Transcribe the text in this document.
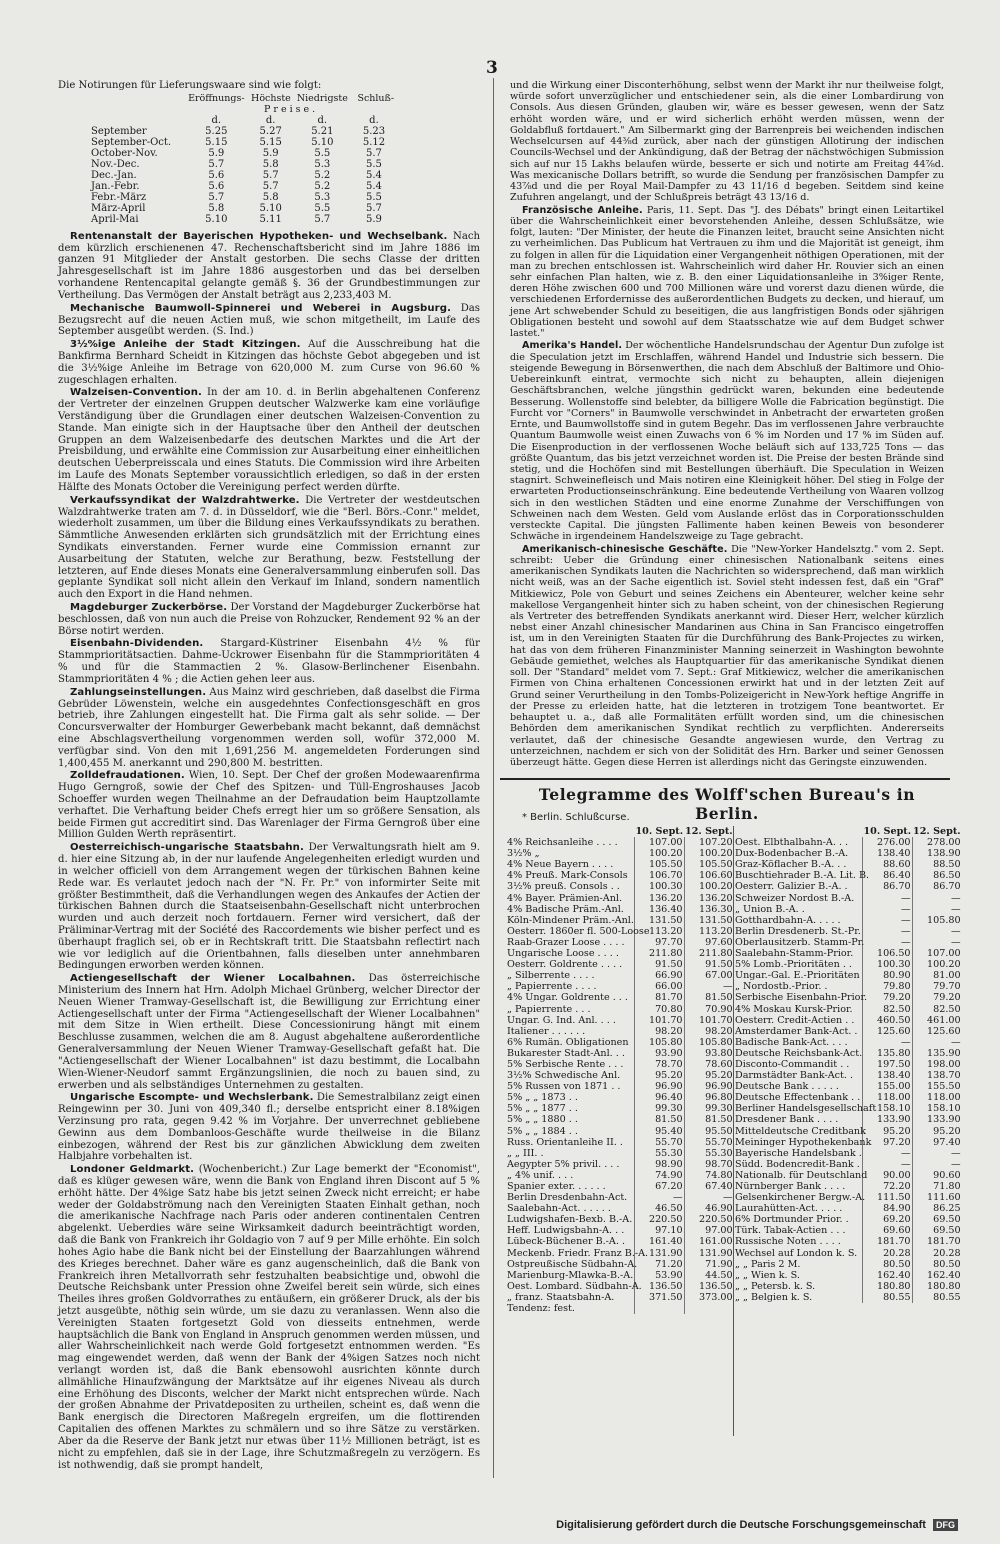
3
Die Notirungen für Lieferungswaare sind wie folgt:
	Eröffnungs-	Höchste	Niedrigste	Schluß-
	Preise.			
	d.	d.	d.	d.
September	5.25	5.27	5.21	5.23
September-Oct.	5.15	5.15	5.10	5.12
October-Nov.	5.9	5.9	5.5	5.7
Nov.-Dec.	5.7	5.8	5.3	5.5
Dec.-Jan.	5.6	5.7	5.2	5.4
Jan.-Febr.	5.6	5.7	5.2	5.4
Febr.-März	5.7	5.8	5.3	5.5
März-April	5.8	5.10	5.5	5.7
April-Mai	5.10	5.11	5.7	5.9

Rentenanstalt der Bayerischen Hypotheken- und Wechselbank. Nach dem kürzlich erschienenen 47. Rechenschaftsbericht sind im Jahre 1886 im ganzen 91 Mitglieder der Anstalt gestorben. Die sechs Classe der dritten Jahresgesellschaft ist im Jahre 1886 ausgestorben und das bei derselben vorhandene Rentencapital gelangte gemäß §. 36 der Grundbestimmungen zur Vertheilung. Das Vermögen der Anstalt beträgt aus 2,233,403 M.

Mechanische Baumwoll-Spinnerei und Weberei in Augsburg. Das Bezugsrecht auf die neuen Actien muß, wie schon mitgetheilt, im Laufe des September ausgeübt werden. (S. Ind.)

3½%ige Anleihe der Stadt Kitzingen. Auf die Ausschreibung hat die Bankfirma Bernhard Scheidt in Kitzingen das höchste Gebot abgegeben und ist die 3½%ige Anleihe im Betrage von 620,000 M. zum Curse von 96.60 % zugeschlagen erhalten.

Walzeisen-Convention. In der am 10. d. in Berlin abgehaltenen Conferenz der Vertreter der einzelnen Gruppen deutscher Walzwerke kam eine vorläufige Verständigung über die Grundlagen einer deutschen Walzeisen-Convention zu Stande. Man einigte sich in der Hauptsache über den Antheil der deutschen Gruppen an dem Walzeisenbedarfe des deutschen Marktes und die Art der Preisbildung, und erwählte eine Commission zur Ausarbeitung einer einheitlichen deutschen Ueberpreisscala und eines Statuts. Die Commission wird ihre Arbeiten im Laufe des Monats September voraussichtlich erledigen, so daß in der ersten Hälfte des Monats October die Vereinigung perfect werden dürfte.

Verkaufssyndikat der Walzdrahtwerke. Die Vertreter der westdeutschen Walzdrahtwerke traten am 7. d. in Düsseldorf, wie die "Berl. Börs.-Conr." meldet, wiederholt zusammen, um über die Bildung eines Verkaufssyndikats zu berathen. Sämmtliche Anwesenden erklärten sich grundsätzlich mit der Errichtung eines Syndikats einverstanden. Ferner wurde eine Commission ernannt zur Ausarbeitung der Statuten, welche zur Berathung, bezw. Feststellung der letzteren, auf Ende dieses Monats eine Generalversammlung einberufen soll. Das geplante Syndikat soll nicht allein den Verkauf im Inland, sondern namentlich auch den Export in die Hand nehmen.

Magdeburger Zuckerbörse. Der Vorstand der Magdeburger Zuckerbörse hat beschlossen, daß von nun auch die Preise von Rohzucker, Rendement 92 % an der Börse notirt werden.

Eisenbahn-Dividenden. Stargard-Küstriner Eisenbahn 4½ % für Stammprioritätsactien. Dahme-Uckrower Eisenbahn für die Stammprioritäten 4 % und für die Stammactien 2 %. Glasow-Berlinchener Eisenbahn. Stammprioritäten 4 % ; die Actien gehen leer aus.

Zahlungseinstellungen. Aus Mainz wird geschrieben, daß daselbst die Firma Gebrüder Löwenstein, welche ein ausgedehntes Confectionsgeschäft en gros betrieb, ihre Zahlungen eingestellt hat. Die Firma galt als sehr solide. — Der Concursverwalter der Homburger Gewerbebank macht bekannt, daß demnächst eine Abschlagsvertheilung vorgenommen werden soll, wofür 372,000 M. verfügbar sind. Von den mit 1,691,256 M. angemeldeten Forderungen sind 1,400,455 M. anerkannt und 290,800 M. bestritten.

Zolldefraudationen. Wien, 10. Sept. Der Chef der großen Modewaarenfirma Hugo Gerngroß, sowie der Chef des Spitzen- und Tüll-Engroshauses Jacob Schoeffer wurden wegen Theilnahme an der Defraudation beim Hauptzollamte verhaftet. Die Verhaftung beider Chefs erregt hier um so größere Sensation, als beide Firmen gut accreditirt sind. Das Warenlager der Firma Gerngroß über eine Million Gulden Werth repräsentirt.

Oesterreichisch-ungarische Staatsbahn. Der Verwaltungsrath hielt am 9. d. hier eine Sitzung ab, in der nur laufende Angelegenheiten erledigt wurden und in welcher officiell von dem Arrangement wegen der türkischen Bahnen keine Rede war. Es verlautet jedoch nach der "N. Fr. Pr." von informirter Seite mit größter Bestimmtheit, daß die Verhandlungen wegen des Ankaufes der Actien der türkischen Bahnen durch die Staatseisenbahn-Gesellschaft nicht unterbrochen wurden und auch derzeit noch fortdauern. Ferner wird versichert, daß der Präliminar-Vertrag mit der Société des Raccordements wie bisher perfect und es überhaupt fraglich sei, ob er in Rechtskraft tritt. Die Staatsbahn reflectirt nach wie vor lediglich auf die Orientbahnen, falls dieselben unter annehmbaren Bedingungen erworben werden können.

Actiengesellschaft der Wiener Localbahnen. Das österreichische Ministerium des Innern hat Hrn. Adolph Michael Grünberg, welcher Director der Neuen Wiener Tramway-Gesellschaft ist, die Bewilligung zur Errichtung einer Actiengesellschaft unter der Firma "Actiengesellschaft der Wiener Localbahnen" mit dem Sitze in Wien ertheilt. Diese Concessionirung hängt mit einem Beschlusse zusammen, welchen die am 8. August abgehaltene außerordentliche Generalversammlung der Neuen Wiener Tramway-Gesellschaft gefaßt hat. Die "Actiengesellschaft der Wiener Localbahnen" ist dazu bestimmt, die Localbahn Wien-Wiener-Neudorf sammt Ergänzungslinien, die noch zu bauen sind, zu erwerben und als selbständiges Unternehmen zu gestalten.

Ungarische Escompte- und Wechslerbank. Die Semestralbilanz zeigt einen Reingewinn per 30. Juni von 409,340 fl.; derselbe entspricht einer 8.18%igen Verzinsung pro rata, gegen 9.42 % im Vorjahre. Der unverrechnet gebliebene Gewinn aus dem Dombanloos-Geschäfte wurde theilweise in die Bilanz einbezogen, während der Rest bis zur gänzlichen Abwicklung dem zweiten Halbjahre vorbehalten ist.

Londoner Geldmarkt. (Wochenbericht.) Zur Lage bemerkt der "Economist", daß es klüger gewesen wäre, wenn die Bank von England ihren Discont auf 5 % erhöht hätte. Der 4%ige Satz habe bis jetzt seinen Zweck nicht erreicht; er habe weder der Goldabströmung nach den Vereinigten Staaten Einhalt gethan, noch die amerikanische Nachfrage nach Paris oder anderen continentalen Centren abgelenkt. Ueberdies wäre seine Wirksamkeit dadurch beeinträchtigt worden, daß die Bank von Frankreich ihr Goldagio von 7 auf 9 per Mille erhöhte. Ein solch hohes Agio habe die Bank nicht bei der Einstellung der Baarzahlungen während des Krieges berechnet. Daher wäre es ganz augenscheinlich, daß die Bank von Frankreich ihren Metallvorrath sehr festzuhalten beabsichtige und, obwohl die Deutsche Reichsbank unter Pression ohne Zweifel bereit sein würde, sich eines Theiles ihres großen Goldvorrathes zu entäußern, ein größerer Druck, als der bis jetzt ausgeübte, nöthig sein würde, um sie dazu zu veranlassen. Wenn also die Vereinigten Staaten fortgesetzt Gold von diesseits entnehmen, werde hauptsächlich die Bank von England in Anspruch genommen werden müssen, und aller Wahrscheinlichkeit nach werde Gold fortgesetzt entnommen werden. "Es mag eingewendet werden, daß wenn der Bank der 4%igen Satzes noch nicht verlangt worden ist, daß die Bank ebensowohl ausrichten könnte durch allmähliche Hinaufzwängung der Marktsätze auf ihr eigenes Niveau als durch eine Erhöhung des Disconts, welcher der Markt nicht entsprechen würde. Nach der großen Abnahme der Privatdepositen zu urtheilen, scheint es, daß wenn die Bank energisch die Directoren Maßregeln ergreifen, um die flottirenden Capitalien des offenen Marktes zu schmälern und so ihre Sätze zu verstärken. Aber da die Reserve der Bank jetzt nur etwas über 11½ Millionen beträgt, ist es nicht zu empfehlen, daß sie in der Lage, ihre Schutzmaßregeln zu verzögern. Es ist nothwendig, daß sie prompt handelt,

und die Wirkung einer Disconterhöhung, selbst wenn der Markt ihr nur theilweise folgt, würde sofort unverzüglicher und entschiedener sein, als die einer Lombardirung von Consols. Aus diesen Gründen, glauben wir, wäre es besser gewesen, wenn der Satz erhöht worden wäre, und er wird sicherlich erhöht werden müssen, wenn der Goldabfluß fortdauert." Am Silbermarkt ging der Barrenpreis bei weichenden indischen Wechselcursen auf 44⅜d zurück, aber nach der günstigen Allotirung der indischen Councils-Wechsel und der Ankündigung, daß der Betrag der nächstwöchigen Submission sich auf nur 15 Lakhs belaufen würde, besserte er sich und notirte am Freitag 44⅞d. Was mexicanische Dollars betrifft, so wurde die Sendung per französischen Dampfer zu 43⅞d und die per Royal Mail-Dampfer zu 43 11/16 d begeben. Seitdem sind keine Zufuhren angelangt, und der Schlußpreis beträgt 43 13/16 d.

Französische Anleihe. Paris, 11. Sept. Das "J. des Débats" bringt einen Leitartikel über die Wahrscheinlichkeit einer bevorstehenden Anleihe, dessen Schlußsätze, wie folgt, lauten: "Der Minister, der heute die Finanzen leitet, braucht seine Ansichten nicht zu verheimlichen. Das Publicum hat Vertrauen zu ihm und die Majorität ist geneigt, ihm zu folgen in allen für die Liquidation einer Vergangenheit nöthigen Operationen, mit der man zu brechen entschlossen ist. Wahrscheinlich wird daher Hr. Rouvier sich an einen sehr einfachen Plan halten, wie z. B. den einer Liquidationsanleihe in 3%iger Rente, deren Höhe zwischen 600 und 700 Millionen wäre und vorerst dazu dienen würde, die verschiedenen Erfordernisse des außerordentlichen Budgets zu decken, und hierauf, um jene Art schwebender Schuld zu beseitigen, die aus langfristigen Bonds oder sjährigen Obligationen besteht und sowohl auf dem Staatsschatze wie auf dem Budget schwer lastet."

Amerika's Handel. Der wöchentliche Handelsrundschau der Agentur Dun zufolge ist die Speculation jetzt im Erschlaffen, während Handel und Industrie sich bessern. Die steigende Bewegung in Börsenwerthen, die nach dem Abschluß der Baltimore und Ohio-Uebereinkunft eintrat, vermochte sich nicht zu behaupten, allein diejenigen Geschäftsbranchen, welche jüngsthin gedrückt waren, bekunden eine bedeutende Besserung. Wollenstoffe sind belebter, da billigere Wolle die Fabrication begünstigt. Die Furcht vor "Corners" in Baumwolle verschwindet in Anbetracht der erwarteten großen Ernte, und Baumwollstoffe sind in gutem Begehr. Das im verflossenen Jahre verbrauchte Quantum Baumwolle weist einen Zuwachs von 6 % im Norden und 17 % im Süden auf. Die Eisenproduction in der verflossenen Woche beläuft sich auf 133,725 Tons — das größte Quantum, das bis jetzt verzeichnet worden ist. Die Preise der besten Brände sind stetig, und die Hochöfen sind mit Bestellungen überhäuft. Die Speculation in Weizen stagnirt. Schweinefleisch und Mais notiren eine Kleinigkeit höher. Del stieg in Folge der erwarteten Productionseinschränkung. Eine bedeutende Vertheilung von Waaren vollzog sich in den westlichen Städten und eine enorme Zunahme der Verschiffungen von Schweinen nach dem Westen. Geld vom Auslande erlöst das in Corporationsschulden versteckte Capital. Die jüngsten Fallimente haben keinen Beweis von besonderer Schwäche in irgendeinem Handelszweige zu Tage gebracht.

Amerikanisch-chinesische Geschäfte. Die "New-Yorker Handelsztg." vom 2. Sept. schreibt: Ueber die Gründung einer chinesischen Nationalbank seitens eines amerikanischen Syndikats lauten die Nachrichten so widersprechend, daß man wirklich nicht weiß, was an der Sache eigentlich ist. Soviel steht indessen fest, daß ein "Graf" Mitkiewicz, Pole von Geburt und seines Zeichens ein Abenteurer, welcher keine sehr makellose Vergangenheit hinter sich zu haben scheint, von der chinesischen Regierung als Vertreter des betreffenden Syndikats anerkannt wird. Dieser Herr, welcher kürzlich nebst einer Anzahl chinesischer Mandarinen aus China in San Francisco eingetroffen ist, um in den Vereinigten Staaten für die Durchführung des Bank-Projectes zu wirken, hat das von dem früheren Finanzminister Manning seinerzeit in Washington bewohnte Gebäude gemiethet, welches als Hauptquartier für das amerikanische Syndikat dienen soll. Der "Standard" meldet vom 7. Sept.: Graf Mitkiewicz, welcher die amerikanischen Firmen von China erhaltenen Concessionen erwirkt hat und in der letzten Zeit auf Grund seiner Verurtheilung in den Tombs-Polizeigericht in New-York heftige Angriffe in der Presse zu erleiden hatte, hat die letzteren in trotzigem Tone beantwortet. Er behauptet u. a., daß alle Formalitäten erfüllt worden sind, um die chinesischen Behörden dem amerikanischen Syndikat rechtlich zu verpflichten. Andererseits verlautet, daß der chinesische Gesandte angewiesen wurde, den Vertrag zu unterzeichnen, nachdem er sich von der Solidität des Hrn. Barker und seiner Genossen überzeugt hätte. Gegen diese Herren ist allerdings nicht das Geringste einzuwenden.

Telegramme des Wolff'schen Bureau's in Berlin.
* Berlin. Schlußcurse.
	10. Sept.	12. Sept.
4% Reichsanleihe . . . .	107.00	107.20
3½% „	100.20	100.20
4% Neue Bayern . . . .	105.50	105.50
4% Preuß. Mark-Consols	106.70	106.60
3½% preuß. Consols . .	100.30	100.20
4% Bayer. Prämien-Anl.	136.20	136.20
4% Badische Präm.-Anl.	136.40	136.30
Köln-Mindener Präm.-Anl.	131.50	131.50
Oesterr. 1860er fl. 500-Loose	113.20	113.20
Raab-Grazer Loose . . . .	97.70	97.60
Ungarische Loose . . . .	211.80	211.80
Oesterr. Goldrente . . . .	91.50	91.50
„ Silberrente . . . .	66.90	67.00
„ Papierrente . . . .	66.00	—
4% Ungar. Goldrente . . .	81.70	81.50
„ Papierrente . . .	70.80	70.90
Ungar. G. Ind. Anl. . . .	101.70	101.70
Italiener . . . . . .	98.20	98.20
6% Rumän. Obligationen	105.80	105.80
Bukarester Stadt-Anl. . .	93.90	93.80
5% Serbische Rente . . .	78.70	78.60
3½% Schwedische Anl.	95.20	95.20
5% Russen von 1871 . .	96.90	96.90
5% „ „ 1873 . .	96.40	96.80
5% „ „ 1877 . .	99.30	99.30
5% „ „ 1880 . .	81.50	81.50
5% „ „ 1884 . .	95.40	95.50
Russ. Orientanleihe II. .	55.70	55.70
„ „ III. .	55.30	55.30
Aegypter 5% privil. . . .	98.90	98.70
„ 4% unif. . . .	74.90	74.80
Spanier exter. . . . . .	67.20	67.40
Berlin Dresdenbahn-Act.	—	—
Saalebahn-Act. . . . . .	46.50	46.90
Ludwigshafen-Bexb. B.-A.	220.50	220.50
Heff. Ludwigsbahn-A. . .	97.10	97.00
Lübeck-Büchener B.-A. .	161.40	161.00
Meckenb. Friedr. Franz B.-A.	131.90	131.90
Ostpreußische Südbahn-A.	71.20	71.90
Marienburg-Mlawka-B.-A.	53.90	44.50
Oest. Lombard. Südbahn-A.	136.50	136.50
„ franz. Staatsbahn-A.	371.50	373.00
Tendenz: fest.		
	10. Sept.	12. Sept.
Oest. Elbthalbahn-A. . .	276.00	278.00
Dux-Bodenbacher B.-A.	138.40	138.90
Graz-Köflacher B.-A. . .	88.60	88.50
Buschtiehrader B.-A. Lit. B.	86.40	86.50
Oesterr. Galizier B.-A. .	86.70	86.70
Schweizer Nordost B.-A.	—	—
„ Union B.-A. .	—	—
Gotthardbahn-A. . . . .	—	105.80
Berlin Dresdenerb. St.-Pr.	—	—
Oberlausitzerb. Stamm-Pr.	—	—
Saalebahn-Stamm-Prior.	106.50	107.00
5% Lomb.-Prioritäten . .	100.30	100.20
Ungar.-Gal. E.-Prioritäten	80.90	81.00
„ Nordostb.-Prior. .	79.80	79.70
Serbische Eisenbahn-Prior.	79.20	79.20
4% Moskau Kursk-Prior.	82.50	82.50
Oesterr. Credit-Actien . .	460.50	461.00
Amsterdamer Bank-Act. .	125.60	125.60
Badische Bank-Act. . . .	—	—
Deutsche Reichsbank-Act.	135.80	135.90
Disconto-Commandit . .	197.50	198.00
Darmstädter Bank-Act. .	138.40	138.70
Deutsche Bank . . . . .	155.00	155.50
Deutsche Effectenbank . .	118.00	118.00
Berliner Handelsgesellschaft	158.10	158.10
Dresdener Bank . . . .	133.90	133.90
Mitteldeutsche Creditbank	95.20	95.20
Meininger Hypothekenbank	97.20	97.40
Bayerische Handelsbank .	—	—
Südd. Bodencredit-Bank .	—	—
Nationalb. für Deutschland	90.00	90.60
Nürnberger Bank . . . .	72.20	71.80
Gelsenkirchener Bergw.-A.	111.50	111.60
Laurahütten-Act. . . . .	84.90	86.25
6% Dortmunder Prior. .	69.20	69.50
Türk. Tabak-Actien . . .	69.60	69.50
Russische Noten . . . .	181.70	181.70
Wechsel auf London k. S.	20.28	20.28
„ „ Paris 2 M.	80.50	80.50
„ „ Wien k. S.	162.40	162.40
„ „ Petersb. k. S.	180.80	180.80
„ „ Belgien k. S.	80.55	80.55
Digitalisierung gefördert durch die Deutsche Forschungsgemeinschaft DFG
